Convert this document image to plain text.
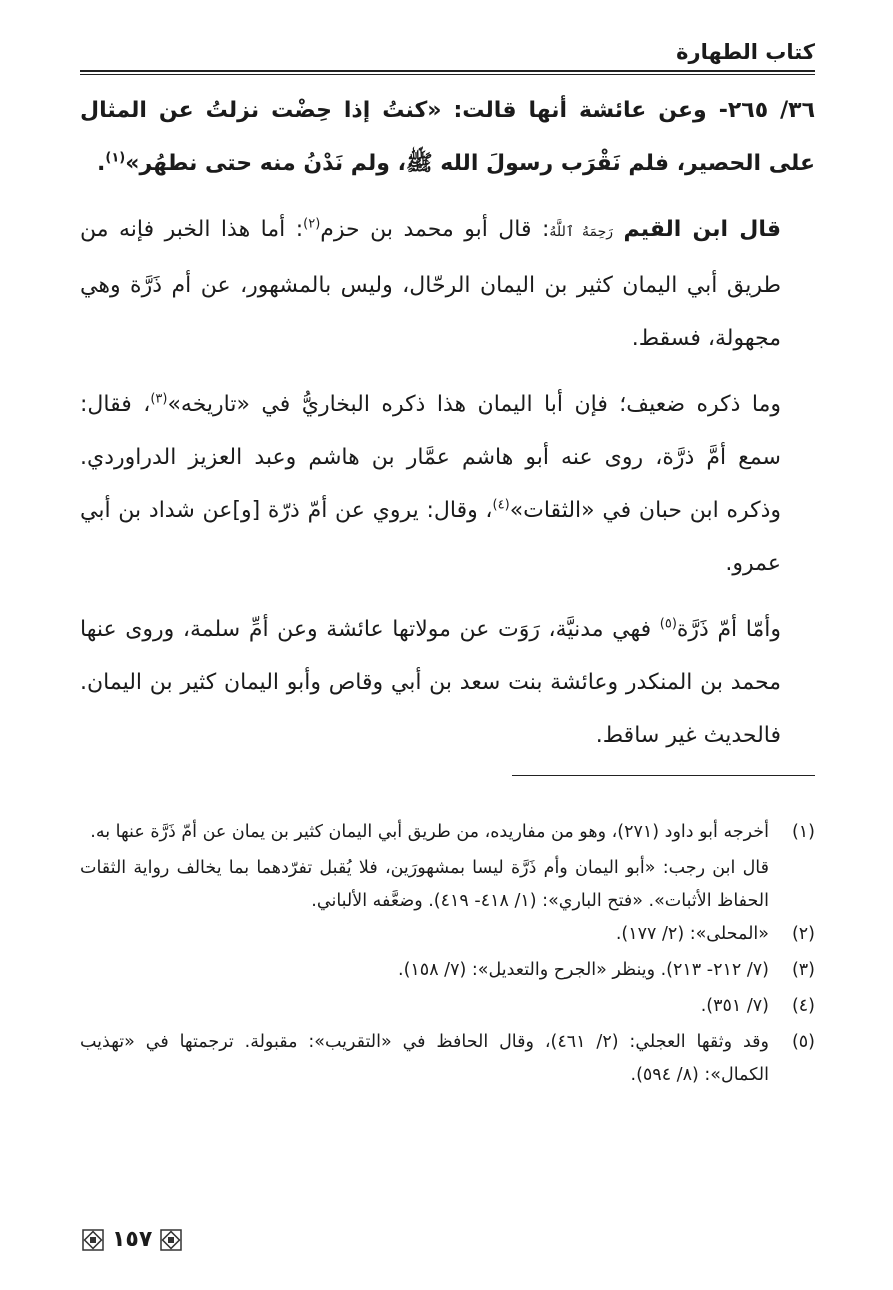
كتاب الطهارة

٣٦/ ٢٦٥- وعن عائشة أنها قالت: «كنتُ إذا حِضْت نزلتُ عن المثال على الحصير، فلم نَقْرَب رسولَ الله ﷺ، ولم نَدْنُ منه حتى نطهُر»$^{(١)}$.

قال ابن القيم رَحِمَهُ ٱللَّهُ: قال أبو محمد بن حزم$^{(٢)}$: أما هذا الخبر فإنه من طريق أبي اليمان كثير بن اليمان الرحّال، وليس بالمشهور، عن أم ذَرَّة وهي مجهولة، فسقط.

وما ذكره ضعيف؛ فإن أبا اليمان هذا ذكره البخاريُّ في «تاريخه»$^{(٣)}$، فقال: سمع أمَّ ذرَّة، روى عنه أبو هاشم عمَّار بن هاشم وعبد العزيز الدراوردي. وذكره ابن حبان في «الثقات»$^{(٤)}$، وقال: يروي عن أمّ ذرّة [و]عن شداد بن أبي عمرو.

وأمّا أمّ ذَرَّة$^{(٥)}$ فهي مدنيَّة، رَوَت عن مولاتها عائشة وعن أمِّ سلمة، وروى عنها محمد بن المنكدر وعائشة بنت سعد بن أبي وقاص وأبو اليمان كثير بن اليمان. فالحديث غير ساقط.

(١)
أخرجه أبو داود (٢٧١)، وهو من مفاريده، من طريق أبي اليمان كثير بن يمان عن أمّ ذَرَّة عنها به.
قال ابن رجب: «أبو اليمان وأم ذَرَّة ليسا بمشهورَين، فلا يُقبل تفرّدهما بما يخالف رواية الثقات الحفاظ الأثبات». «فتح الباري»: (١/ ٤١٨- ٤١٩). وضعَّفه الألباني.
(٢)
«المحلى»: (٢/ ١٧٧).
(٣)
(٧/ ٢١٢- ٢١٣). وينظر «الجرح والتعديل»: (٧/ ١٥٨).
(٤)
(٧/ ٣٥١).
(٥)
وقد وثقها العجلي: (٢/ ٤٦١)، وقال الحافظ في «التقريب»: مقبولة. ترجمتها في «تهذيب الكمال»: (٨/ ٥٩٤).
١٥٧
